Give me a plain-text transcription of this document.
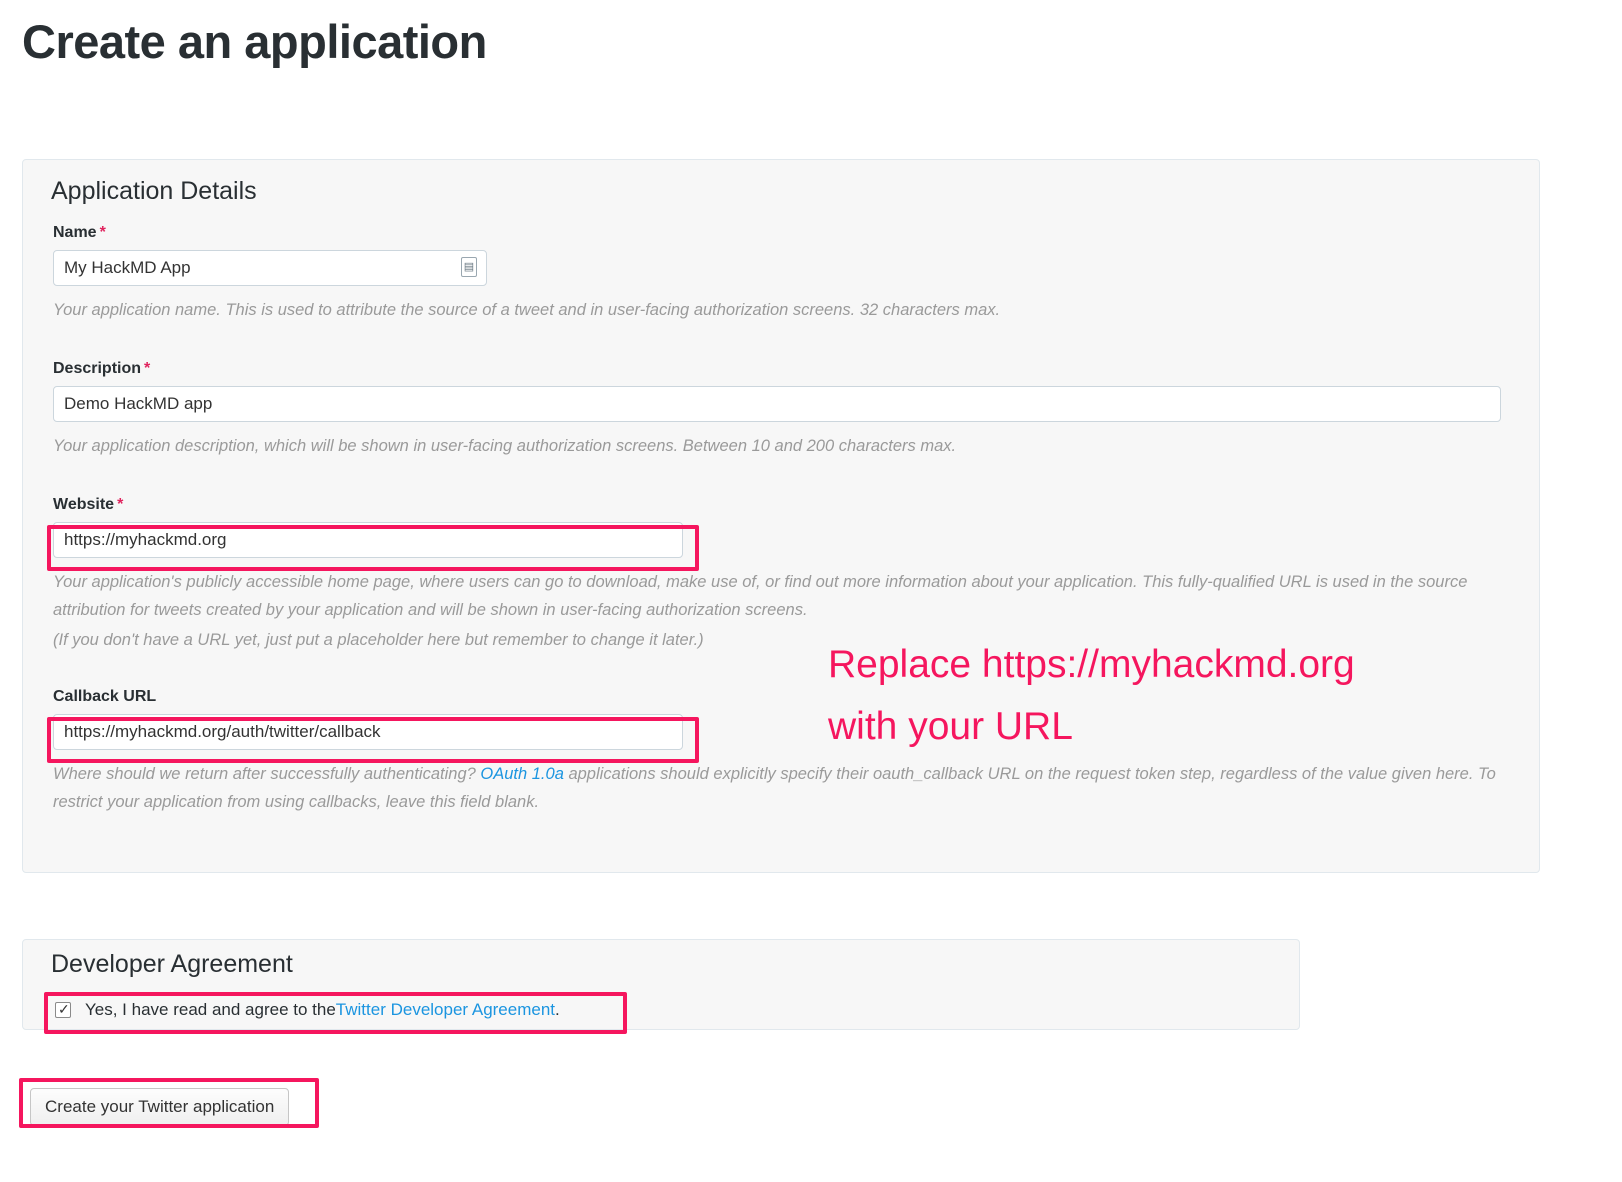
Create an application
Application Details
Name *
My HackMD App
▤
Your application name. This is used to attribute the source of a tweet and in user-facing authorization screens. 32 characters max.
Description *
Demo HackMD app
Your application description, which will be shown in user-facing authorization screens. Between 10 and 200 characters max.
Website *
https://myhackmd.org
Your application's publicly accessible home page, where users can go to download, make use of, or find out more information about your application. This fully-qualified URL is used in the source attribution for tweets created by your application and will be shown in user-facing authorization screens.
(If you don't have a URL yet, just put a placeholder here but remember to change it later.)
Callback URL
https://myhackmd.org/auth/twitter/callback
Where should we return after successfully authenticating? OAuth 1.0a applications should explicitly specify their oauth_callback URL on the request token step, regardless of the value given here. To restrict your application from using callbacks, leave this field blank.
Replace https://myhackmd.org
with your URL
Developer Agreement
✓
Yes, I have read and agree to the Twitter Developer Agreement .
Create your Twitter application
